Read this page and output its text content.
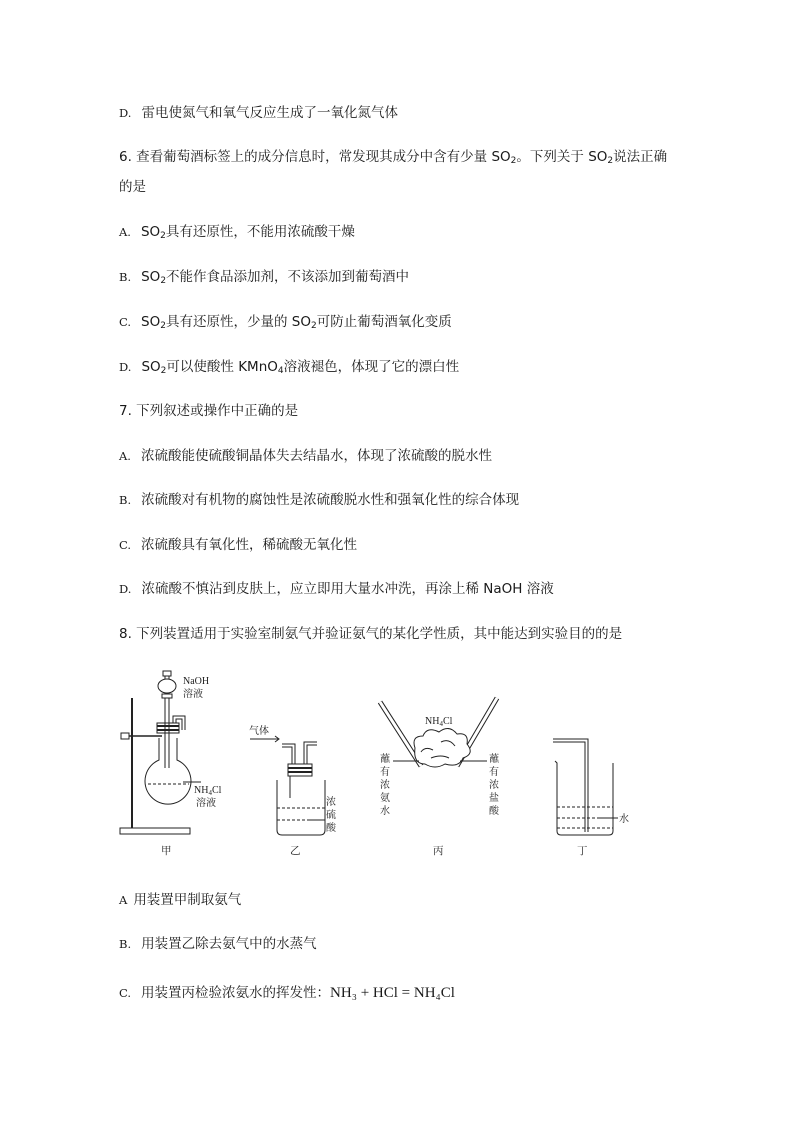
D. 雷电使氮气和氧气反应生成了一氧化氮气体
6. 查看葡萄酒标签上的成分信息时，常发现其成分中含有少量 $SO_2$。下列关于 $SO_2$说法正确
的是
A. $SO_2$具有还原性，不能用浓硫酸干燥
B. $SO_2$不能作食品添加剂，不该添加到葡萄酒中
C. $SO_2$具有还原性，少量的 $SO_2$可防止葡萄酒氧化变质
D. $SO_2$可以使酸性 KMnO$_4$溶液褪色，体现了它的漂白性
7. 下列叙述或操作中正确的是
A. 浓硫酸能使硫酸铜晶体失去结晶水，体现了浓硫酸的脱水性
B. 浓硫酸对有机物的腐蚀性是浓硫酸脱水性和强氧化性的综合体现
C. 浓硫酸具有氧化性，稀硫酸无氧化性
D. 浓硫酸不慎沾到皮肤上，应立即用大量水冲洗，再涂上稀 NaOH 溶液
8. 下列装置适用于实验室制氨气并验证氨气的某化学性质，其中能达到实验目的的是
NaOH
溶液
$NH_4Cl$
溶液
甲
气体
浓
硫
酸
乙
$NH_4Cl$
蘸
有
浓
氨
水
蘸
有
浓
盐
酸
丙
水
丁
A 用装置甲制取氨气
B. 用装置乙除去氨气中的水蒸气
C. 用装置丙检验浓氨水的挥发性：NH₃ + HCl = NH₄Cl
